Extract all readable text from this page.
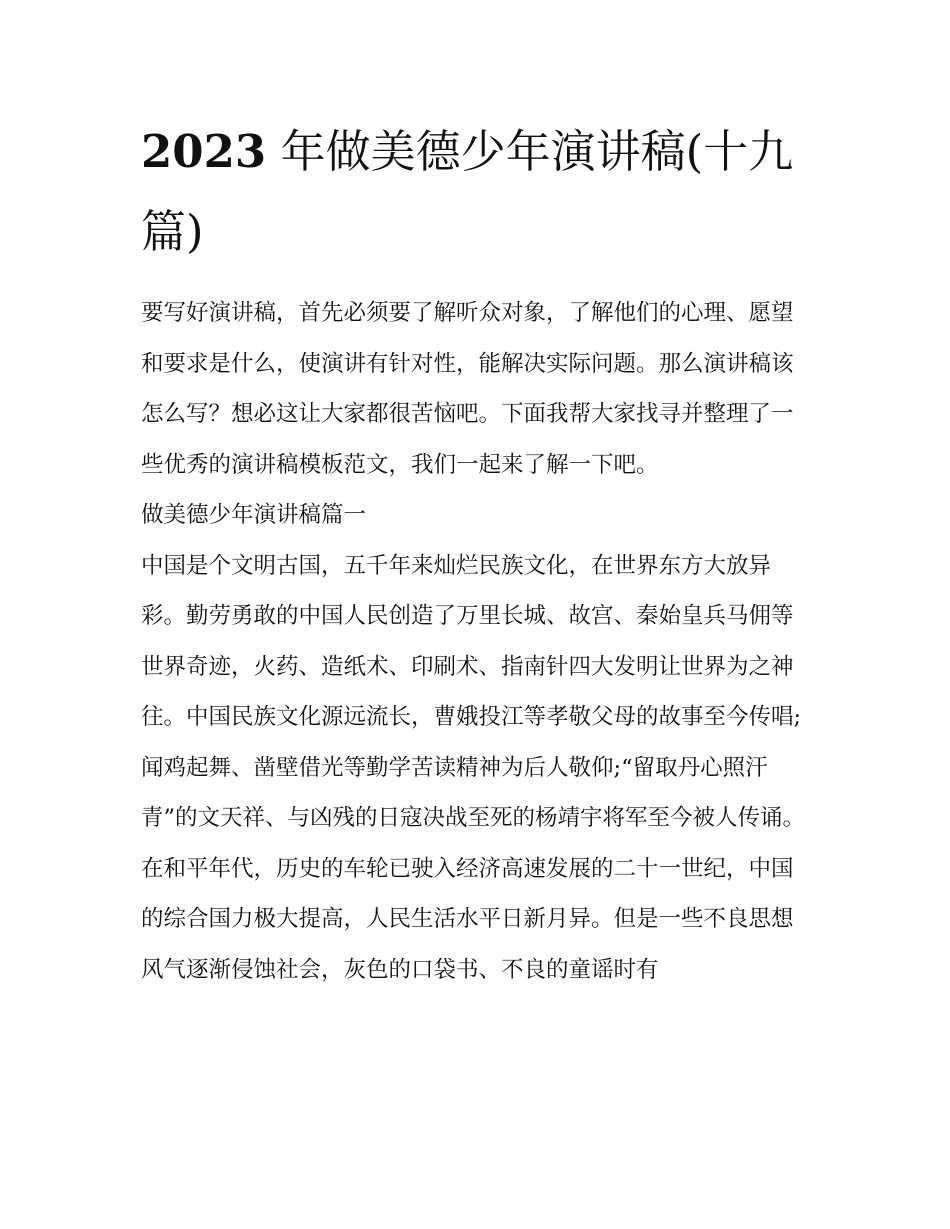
2023 年做美德少年演讲稿(十九篇)

要写好演讲稿，首先必须要了解听众对象，了解他们的心理、愿望和要求是什么，使演讲有针对性，能解决实际问题。那么演讲稿该怎么写？想必这让大家都很苦恼吧。下面我帮大家找寻并整理了一些优秀的演讲稿模板范文，我们一起来了解一下吧。

做美德少年演讲稿篇一

中国是个文明古国，五千年来灿烂民族文化，在世界东方大放异彩。勤劳勇敢的中国人民创造了万里长城、故宫、秦始皇兵马佣等世界奇迹，火药、造纸术、印刷术、指南针四大发明让世界为之神往。中国民族文化源远流长，曹娥投江等孝敬父母的故事至今传唱;闻鸡起舞、凿壁借光等勤学苦读精神为后人敬仰;“留取丹心照汗青”的文天祥、与凶残的日寇决战至死的杨靖宇将军至今被人传诵。

在和平年代，历史的车轮已驶入经济高速发展的二十一世纪，中国的综合国力极大提高，人民生活水平日新月异。但是一些不良思想风气逐渐侵蚀社会，灰色的口袋书、不良的童谣时有
